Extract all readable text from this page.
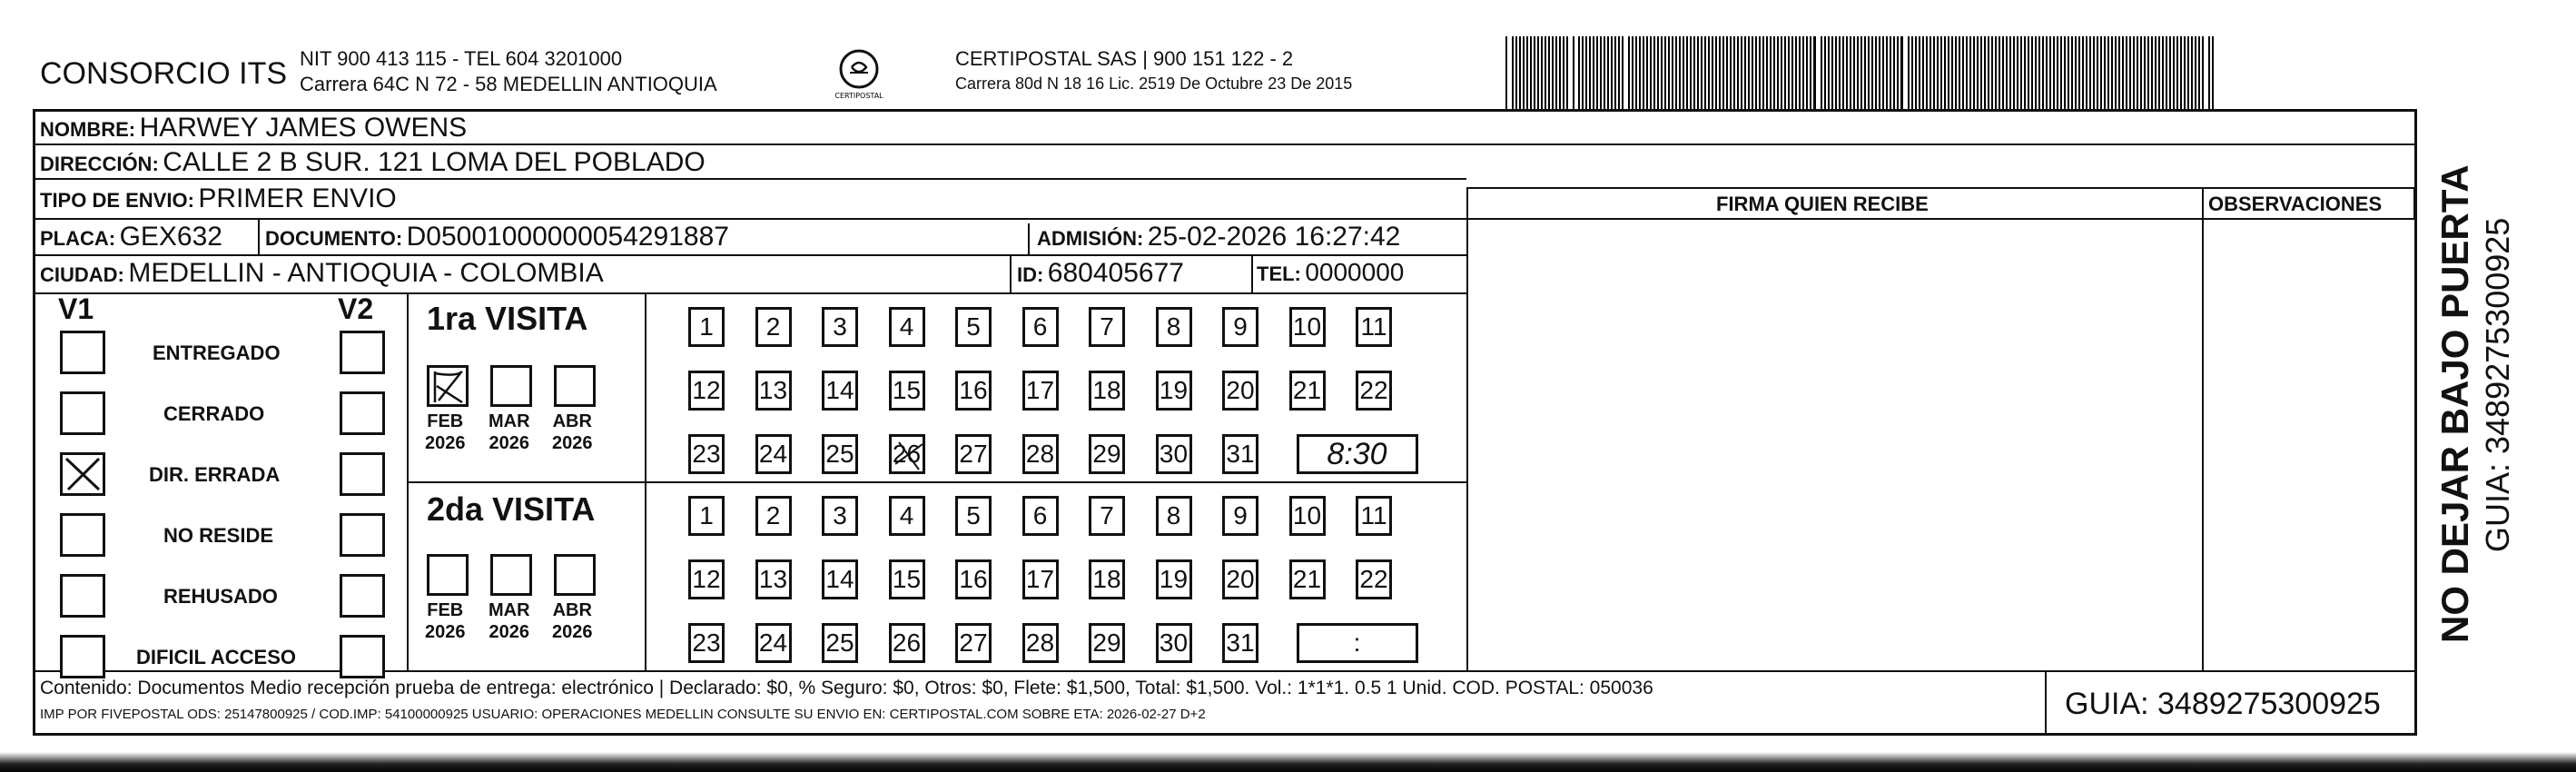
CONSORCIO ITS NIT 900 413 115 - TEL 604 3201000
Carrera 64C N 72 - 58 MEDELLIN ANTIOQUIA
CERTIPOSTAL
CERTIPOSTAL SAS | 900 151 122 - 2
Carrera 80d N 18 16 Lic. 2519 De Octubre 23 De 2015
NOMBRE: HARWEY JAMES OWENS
DIRECCIÓN: CALLE 2 B SUR. 121 LOMA DEL POBLADO
TIPO DE ENVIO: PRIMER ENVIO	FIRMA QUIEN RECIBE	OBSERVACIONES
PLACA: GEX632 DOCUMENTO: D05001000000054291887	ADMISIÓN: 25-02-2026 16:27:42
CIUDAD: MEDELLIN - ANTIOQUIA - COLOMBIA	ID: 680405677	TEL: 0000000
V1	V2
ENTREGADO
CERRADO
DIR. ERRADA
NO RESIDE
REHUSADO
DIFICIL ACCESO
1ra VISITA
2da VISITA
FEB
2026
MAR
2026
ABR
2026
1	2	3	4	5	6	7	8	9	10 11
12 13 14 15 16 17 18 19 20 21 22
23 24 25 26 27 28 29 30 31	8:30
FEB
2026
MAR
2026
ABR
2026
1	2	3	4	5	6	7	8	9	10 11
12 13 14 15 16 17 18 19 20 21 22
23 24 25 26 27 28 29 30 31	:	NO DEJAR BAJO PUERTA GUIA: 3489275300925
Contenido: Documentos Medio recepción prueba de entrega: electrónico | Declarado: $0, % Seguro: $0, Otros: $0, Flete: $1,500, Total: $1,500. Vol.: 1*1*1. 0.5 1 Unid. COD. POSTAL: 050036
IMP POR FIVEPOSTAL ODS: 25147800925 / COD.IMP: 54100000925 USUARIO: OPERACIONES MEDELLIN CONSULTE SU ENVIO EN: CERTIPOSTAL.COM SOBRE ETA: 2026-02-27 D+2	GUIA: 3489275300925
